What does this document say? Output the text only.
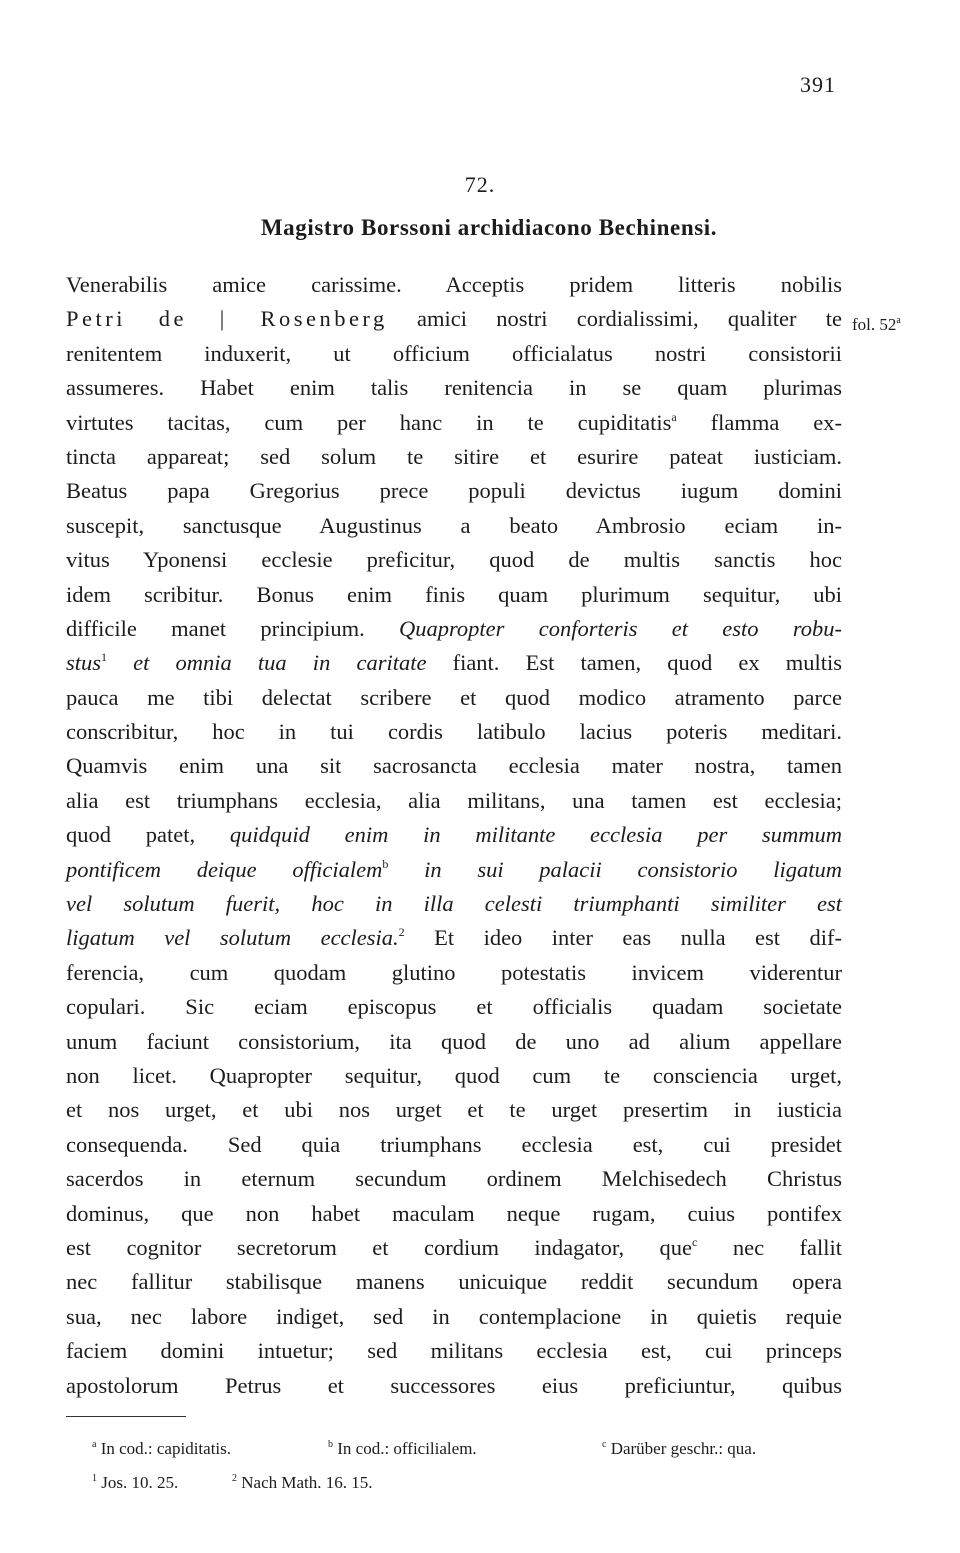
391
72.
Magistro Borssoni archidiacono Bechinensi.
fol. 52$^a$
Venerabilis amice carissime. Acceptis pridem litteris nobilis
Petri de | Rosenberg amici nostri cordialissimi, qualiter te
renitentem induxerit, ut officium officialatus nostri consistorii
assumeres. Habet enim talis renitencia in se quam plurimas
virtutes tacitas, cum per hanc in te cupiditatis$^a$ flamma ex-
tincta appareat; sed solum te sitire et esurire pateat iusticiam.
Beatus papa Gregorius prece populi devictus iugum domini
suscepit, sanctusque Augustinus a beato Ambrosio eciam in-
vitus Yponensi ecclesie preficitur, quod de multis sanctis hoc
idem scribitur. Bonus enim finis quam plurimum sequitur, ubi
difficile manet principium. Quapropter conforteris et esto robu-
stus$^1$ et omnia tua in caritate fiant. Est tamen, quod ex multis
pauca me tibi delectat scribere et quod modico atramento parce
conscribitur, hoc in tui cordis latibulo lacius poteris meditari.
Quamvis enim una sit sacrosancta ecclesia mater nostra, tamen
alia est triumphans ecclesia, alia militans, una tamen est ecclesia;
quod patet, quidquid enim in militante ecclesia per summum
pontificem deique officialem$^b$ in sui palacii consistorio ligatum
vel solutum fuerit, hoc in illa celesti triumphanti similiter est
ligatum vel solutum ecclesia.$^2$ Et ideo inter eas nulla est dif-
ferencia, cum quodam glutino potestatis invicem viderentur
copulari. Sic eciam episcopus et officialis quadam societate
unum faciunt consistorium, ita quod de uno ad alium appellare
non licet. Quapropter sequitur, quod cum te consciencia urget,
et nos urget, et ubi nos urget et te urget presertim in iusticia
consequenda. Sed quia triumphans ecclesia est, cui presidet
sacerdos in eternum secundum ordinem Melchisedech Christus
dominus, que non habet maculam neque rugam, cuius pontifex
est cognitor secretorum et cordium indagator, que$^c$ nec fallit
nec fallitur stabilisque manens unicuique reddit secundum opera
sua, nec labore indiget, sed in contemplacione in quietis requie
faciem domini intuetur; sed militans ecclesia est, cui princeps
apostolorum Petrus et successores eius preficiuntur, quibus
$^a$ In cod.: capiditatis.	$^b$ In cod.: officilialem.	$^c$ Darüber geschr.: qua.
$^1$ Jos. 10. 25.	$^2$ Nach Math. 16. 15.
